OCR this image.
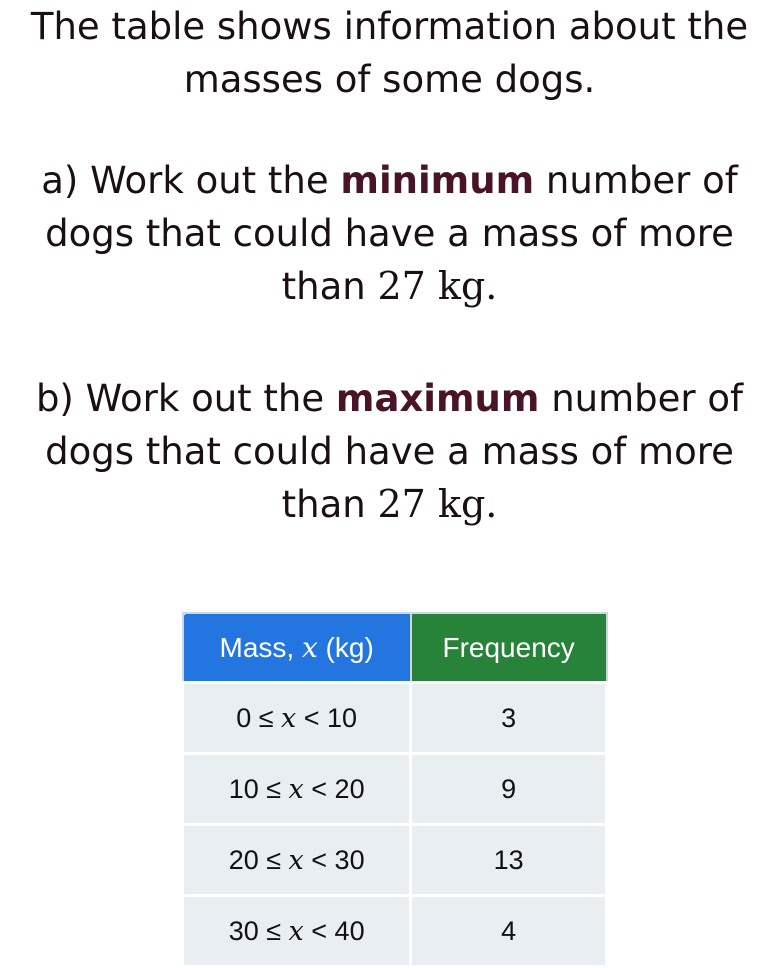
The table shows information about the
masses of some dogs.
a) Work out the minimum number of
dogs that could have a mass of more
than 27 kg.
b) Work out the maximum number of
dogs that could have a mass of more
than 27 kg.
Mass, x (kg)	Frequency
0 ≤ x < 10	3
10 ≤ x < 20	9
20 ≤ x < 30	13
30 ≤ x < 40	4
